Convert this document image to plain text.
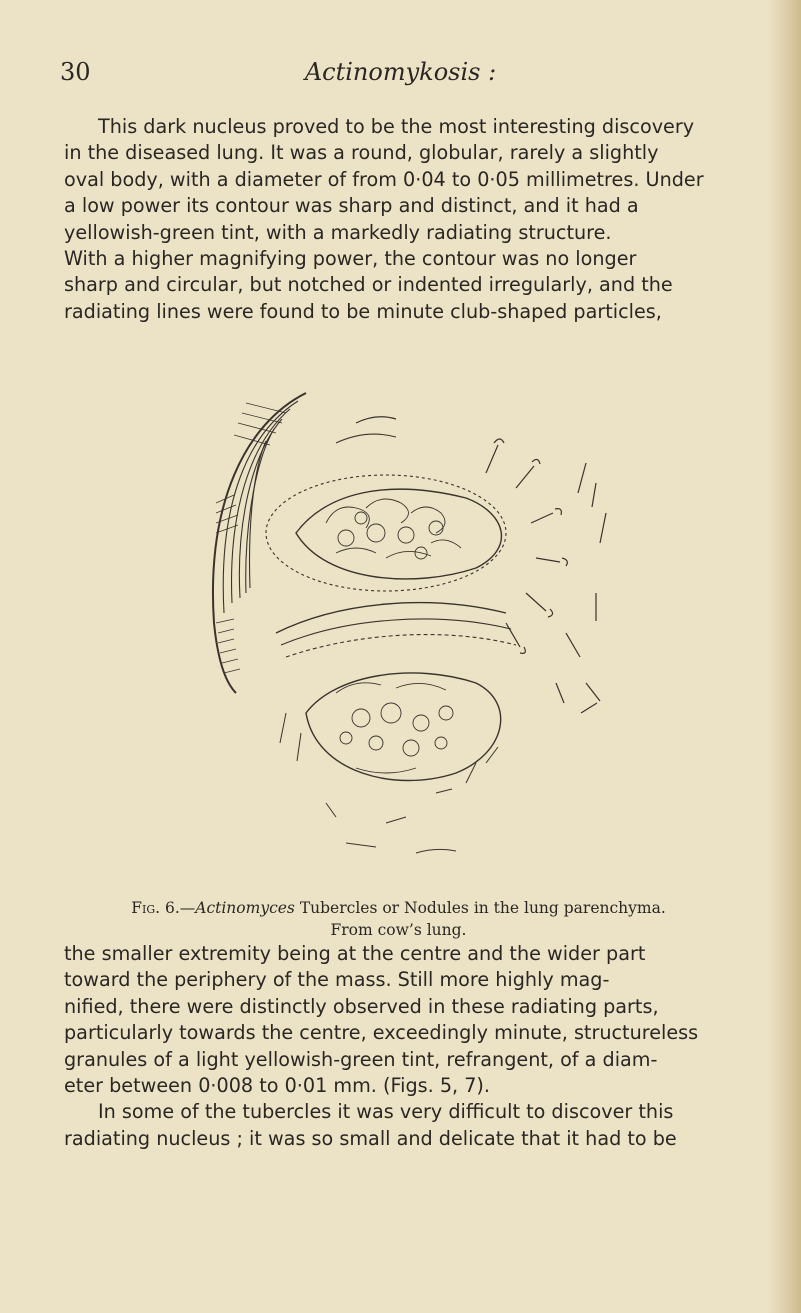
30	Actinomykosis :

This dark nucleus proved to be the most interesting discovery

in the diseased lung. It was a round, globular, rarely a slightly

oval body, with a diameter of from 0·04 to 0·05 millimetres. Under

a low power its contour was sharp and distinct, and it had a

yellowish-green tint, with a markedly radiating structure.

With a higher magnifying power, the contour was no longer

sharp and circular, but notched or indented irregularly, and the

radiating lines were found to be minute club-shaped particles,

Fig. 6.—Actinomyces Tubercles or Nodules in the lung parenchyma.
From cow’s lung.

the smaller extremity being at the centre and the wider part

toward the periphery of the mass. Still more highly mag-

nified, there were distinctly observed in these radiating parts,

particularly towards the centre, exceedingly minute, structureless

granules of a light yellowish-green tint, refrangent, of a diam-

eter between 0·008 to 0·01 mm. (Figs. 5, 7).

In some of the tubercles it was very difficult to discover this

radiating nucleus ; it was so small and delicate that it had to be
